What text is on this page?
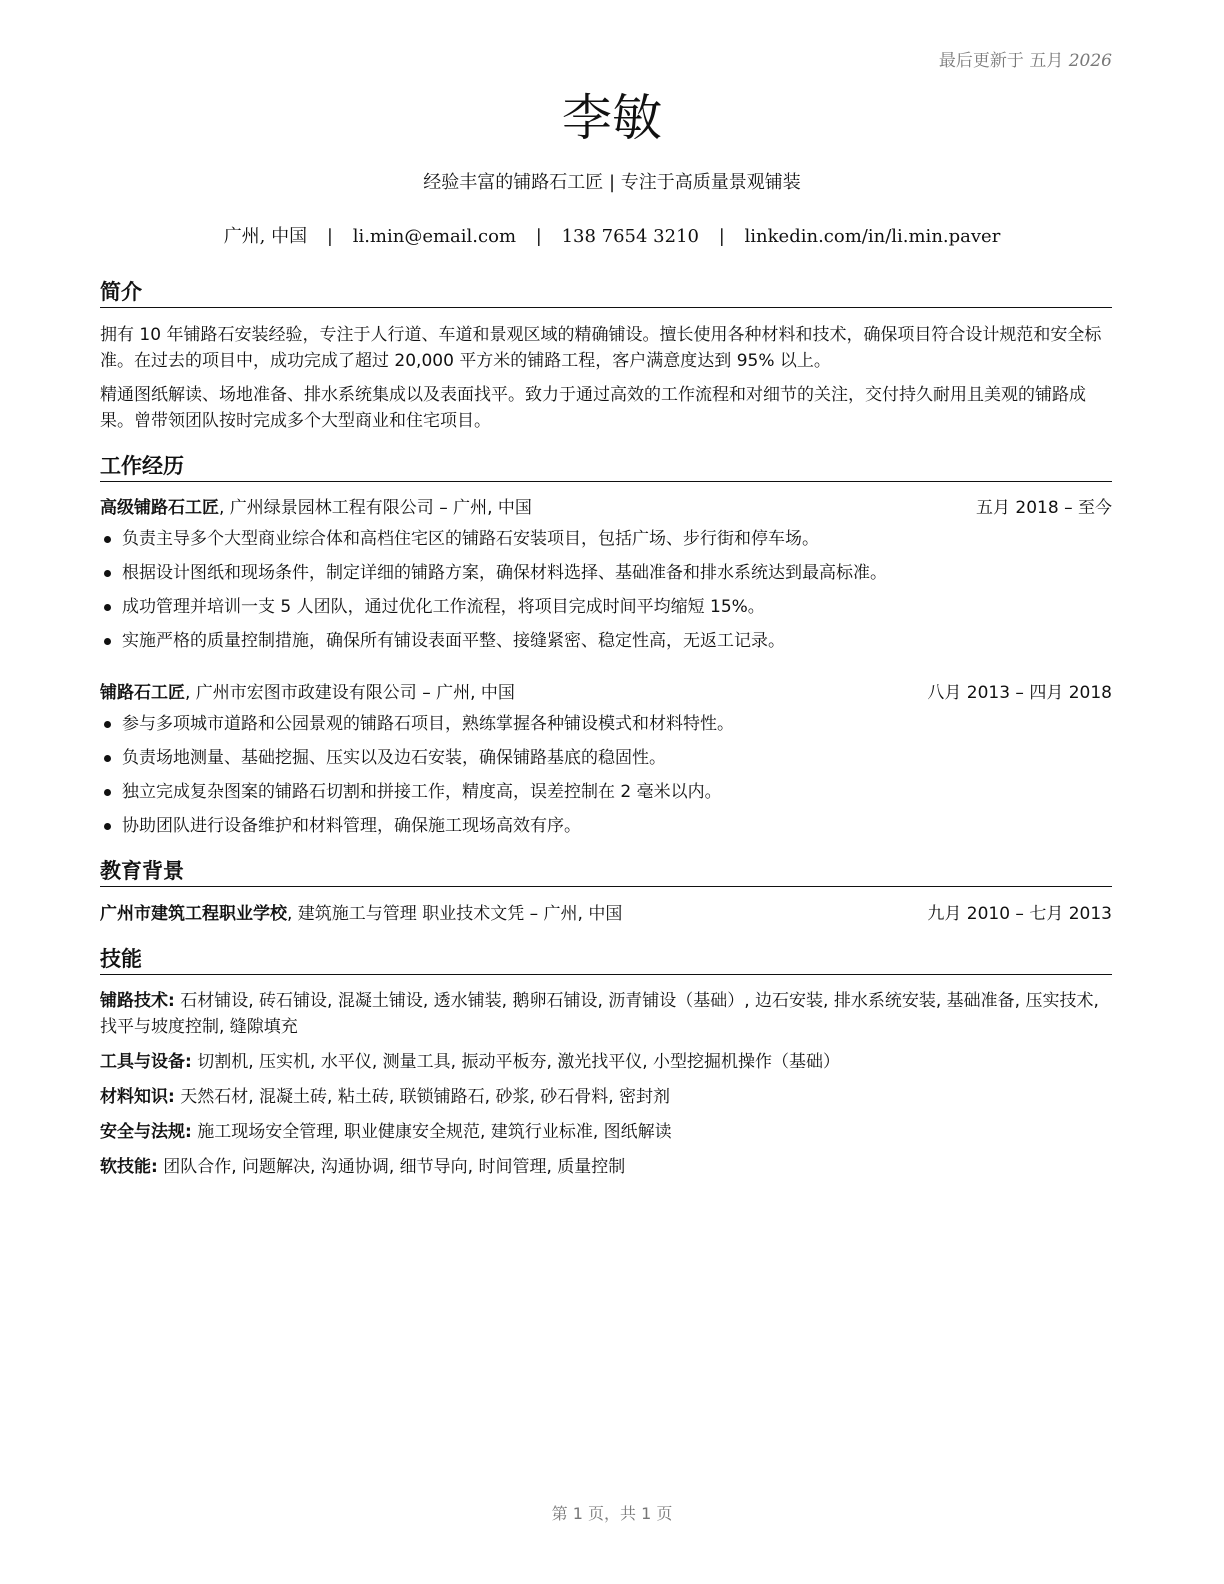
最后更新于 五月 2026
李敏
经验丰富的铺路石工匠 | 专注于高质量景观铺装
广州, 中国 | li.min@email.com | 138 7654 3210 | linkedin.com/in/li.min.paver
简介
拥有 10 年铺路石安装经验，专注于人行道、车道和景观区域的精确铺设。擅长使用各种材料和技术，确保项目符合设计规范和安全标准。在过去的项目中，成功完成了超过 20,000 平方米的铺路工程，客户满意度达到 95% 以上。
精通图纸解读、场地准备、排水系统集成以及表面找平。致力于通过高效的工作流程和对细节的关注，交付持久耐用且美观的铺路成果。曾带领团队按时完成多个大型商业和住宅项目。
工作经历
高级铺路石工匠, 广州绿景园林工程有限公司 – 广州, 中国	五月 2018 – 至今
负责主导多个大型商业综合体和高档住宅区的铺路石安装项目，包括广场、步行街和停车场。
根据设计图纸和现场条件，制定详细的铺路方案，确保材料选择、基础准备和排水系统达到最高标准。
成功管理并培训一支 5 人团队，通过优化工作流程，将项目完成时间平均缩短 15%。
实施严格的质量控制措施，确保所有铺设表面平整、接缝紧密、稳定性高，无返工记录。
铺路石工匠, 广州市宏图市政建设有限公司 – 广州, 中国	八月 2013 – 四月 2018
参与多项城市道路和公园景观的铺路石项目，熟练掌握各种铺设模式和材料特性。
负责场地测量、基础挖掘、压实以及边石安装，确保铺路基底的稳固性。
独立完成复杂图案的铺路石切割和拼接工作，精度高，误差控制在 2 毫米以内。
协助团队进行设备维护和材料管理，确保施工现场高效有序。
教育背景
广州市建筑工程职业学校, 建筑施工与管理 职业技术文凭 – 广州, 中国	九月 2010 – 七月 2013
技能
铺路技术: 石材铺设, 砖石铺设, 混凝土铺设, 透水铺装, 鹅卵石铺设, 沥青铺设（基础）, 边石安装, 排水系统安装, 基础准备, 压实技术, 找平与坡度控制, 缝隙填充
工具与设备: 切割机, 压实机, 水平仪, 测量工具, 振动平板夯, 激光找平仪, 小型挖掘机操作（基础）
材料知识: 天然石材, 混凝土砖, 粘土砖, 联锁铺路石, 砂浆, 砂石骨料, 密封剂
安全与法规: 施工现场安全管理, 职业健康安全规范, 建筑行业标准, 图纸解读
软技能: 团队合作, 问题解决, 沟通协调, 细节导向, 时间管理, 质量控制
第 1 页，共 1 页
